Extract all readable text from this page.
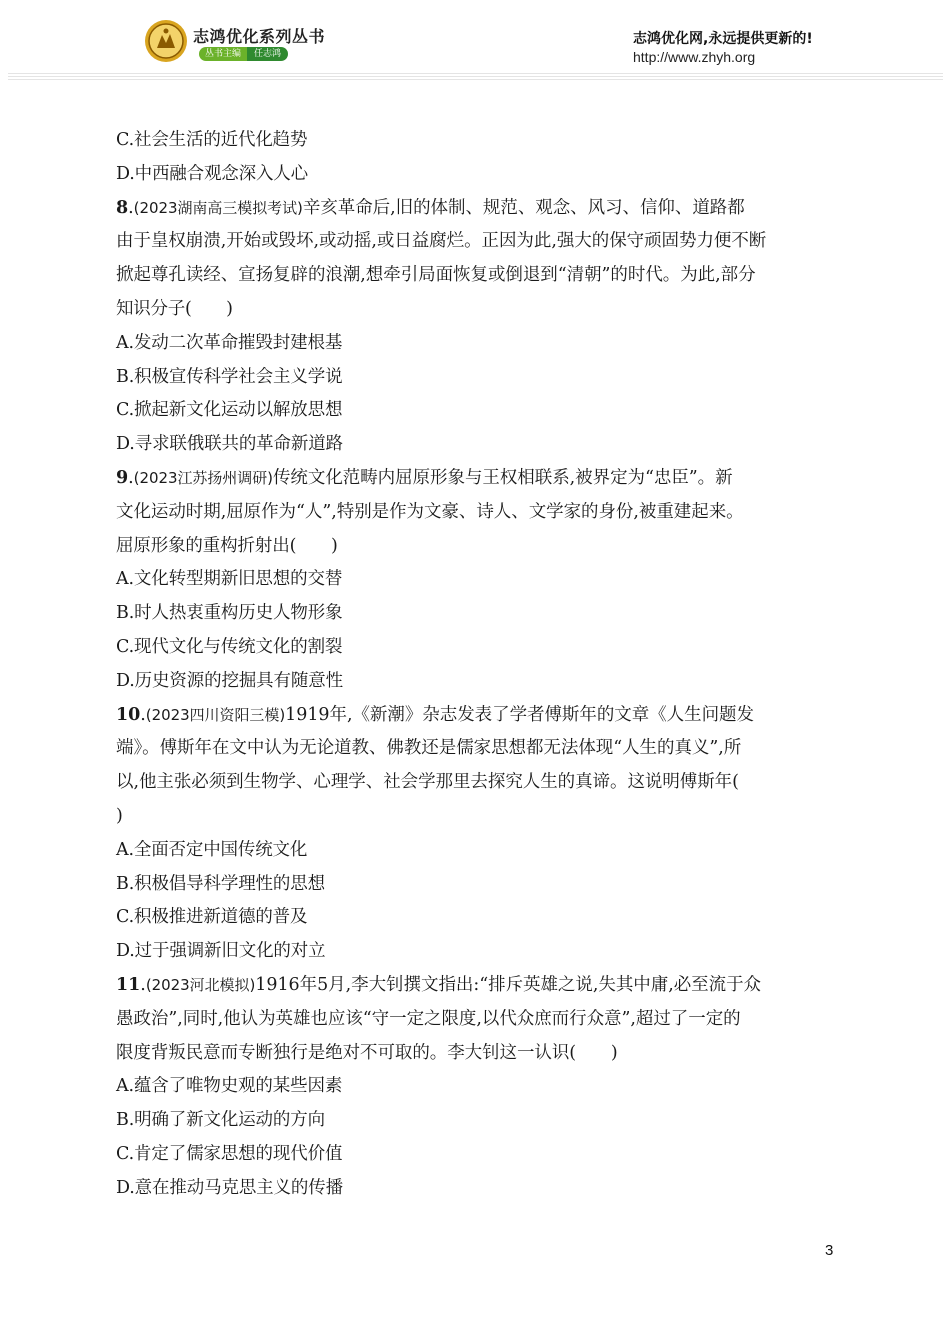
志鸿优化系列丛书
丛书主编	任志鸿
志鸿优化网,永远提供更新的!
http://www.zhyh.org
C.社会生活的近代化趋势
D.中西融合观念深入人心
8.(2023湖南高三模拟考试)辛亥革命后,旧的体制、规范、观念、风习、信仰、道路都
由于皇权崩溃,开始或毁坏,或动摇,或日益腐烂。正因为此,强大的保守顽固势力便不断
掀起尊孔读经、宣扬复辟的浪潮,想牵引局面恢复或倒退到“清朝”的时代。为此,部分
知识分子(　　)
A.发动二次革命摧毁封建根基
B.积极宣传科学社会主义学说
C.掀起新文化运动以解放思想
D.寻求联俄联共的革命新道路
9.(2023江苏扬州调研)传统文化范畴内屈原形象与王权相联系,被界定为“忠臣”。新
文化运动时期,屈原作为“人”,特别是作为文豪、诗人、文学家的身份,被重建起来。
屈原形象的重构折射出(　　)
A.文化转型期新旧思想的交替
B.时人热衷重构历史人物形象
C.现代文化与传统文化的割裂
D.历史资源的挖掘具有随意性
10.(2023四川资阳三模)1919年,《新潮》杂志发表了学者傅斯年的文章《人生问题发
端》。傅斯年在文中认为无论道教、佛教还是儒家思想都无法体现“人生的真义”,所
以,他主张必须到生物学、心理学、社会学那里去探究人生的真谛。这说明傅斯年(
)
A.全面否定中国传统文化
B.积极倡导科学理性的思想
C.积极推进新道德的普及
D.过于强调新旧文化的对立
11.(2023河北模拟)1916年5月,李大钊撰文指出:“排斥英雄之说,失其中庸,必至流于众
愚政治”,同时,他认为英雄也应该“守一定之限度,以代众庶而行众意”,超过了一定的
限度背叛民意而专断独行是绝对不可取的。李大钊这一认识(　　)
A.蕴含了唯物史观的某些因素
B.明确了新文化运动的方向
C.肯定了儒家思想的现代价值
D.意在推动马克思主义的传播
3
